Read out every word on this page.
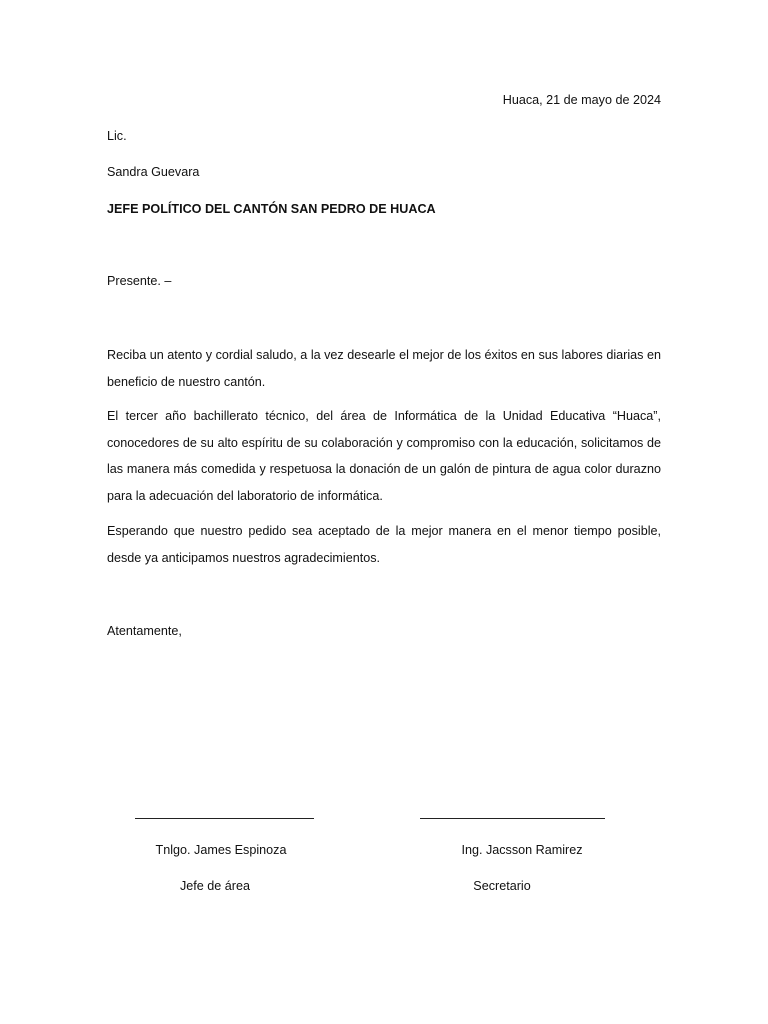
Huaca, 21 de mayo de 2024
Lic.
Sandra Guevara
JEFE POLÍTICO DEL CANTÓN SAN PEDRO DE HUACA
Presente. –
Reciba un atento y cordial saludo, a la vez desearle el mejor de los éxitos en sus labores diarias en beneficio de nuestro cantón.
El tercer año bachillerato técnico, del área de Informática de la Unidad Educativa “Huaca”, conocedores de su alto espíritu de su colaboración y compromiso con la educación, solicitamos de las manera más comedida y respetuosa la donación de un galón de pintura de agua color durazno para la adecuación del laboratorio de informática.
Esperando que nuestro pedido sea aceptado de la mejor manera en el menor tiempo posible, desde ya anticipamos nuestros agradecimientos.
Atentamente,
Tnlgo. James Espinoza
Jefe de área
Ing. Jacsson Ramirez
Secretario
